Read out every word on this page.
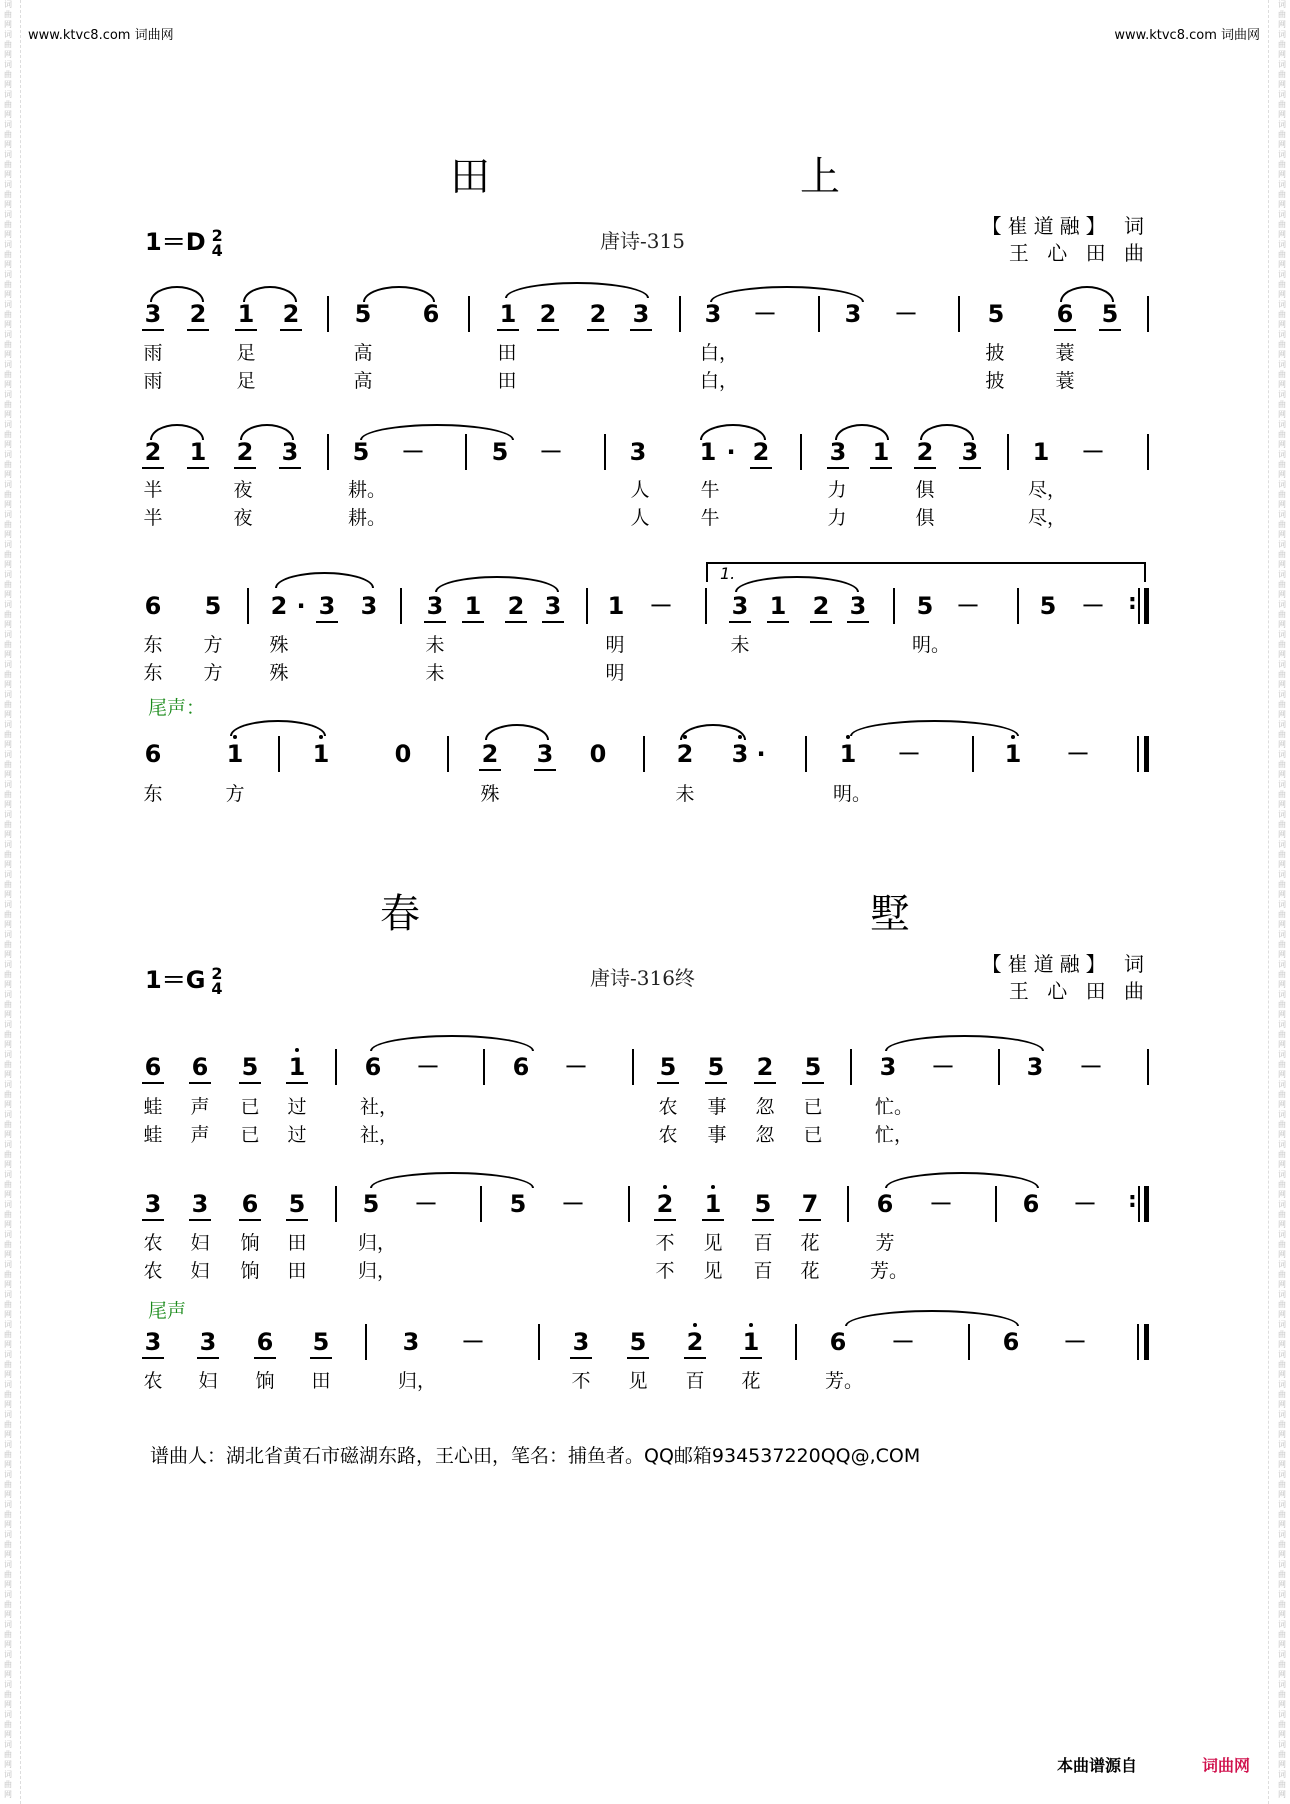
词曲网词曲网词曲网词曲网词曲网词曲网词曲网词曲网词曲网词曲网词曲网词曲网词曲网词曲网词曲网词曲网词曲网词曲网词曲网词曲网词曲网词曲网词曲网词曲网词曲网词曲网词曲网词曲网词曲网词曲网词曲网词曲网词曲网词曲网词曲网词曲网词曲网词曲网词曲网词曲网词曲网词曲网词曲网词曲网词曲网词曲网词曲网词曲网词曲网词曲网词曲网词曲网词曲网词曲网词曲网词曲网词曲网词曲网词曲网词曲网
词曲网词曲网词曲网词曲网词曲网词曲网词曲网词曲网词曲网词曲网词曲网词曲网词曲网词曲网词曲网词曲网词曲网词曲网词曲网词曲网词曲网词曲网词曲网词曲网词曲网词曲网词曲网词曲网词曲网词曲网词曲网词曲网词曲网词曲网词曲网词曲网词曲网词曲网词曲网词曲网词曲网词曲网词曲网词曲网词曲网词曲网词曲网词曲网词曲网词曲网词曲网词曲网词曲网词曲网词曲网词曲网词曲网词曲网词曲网词曲网
www.ktvc8.com 词曲网	www.ktvc8.com 词曲网
田	上
1＝D 2
4	唐诗-315
【崔道融】 词
王 心 田 曲
3 2 1 2 5 6	1 2 2 3 3 －	3 －	5 6 5
雨	足	高	田	白，	披	蓑
雨	足	高	田	白，	披	蓑
2 1 2 3 5 －	5 －	3 1 · 2	3 1 2 3 1 －
半	夜	耕。	人	牛	力	俱	尽，
半	夜	耕。	人	牛	力	俱	尽，
1.
6 5 2 · 3 3 3 1 2 3 1 － 3 1 2 3 5 － 5 －
:
东 方 殊	未	明	未	明。
东 方 殊	未	明
尾声：
6	1	1	0	2 3 0	2 3 ·	1 －	1 －
东	方	殊	未	明。
春	墅
1＝G 2
4	唐诗-316终
【崔道融】 词
王 心 田 曲
6 6 5 1 6 －	6 －	5 5 2 5 3 －	3 －
蛙 声 已 过	社，	农 事 忽 已	忙。
蛙 声 已 过	社，	农 事 忽 已	忙，
3 3 6 5 5 －	5 －	2 1 5 7 6 －	6 －
:
农 妇 饷 田	归，	不 见 百 花	芳
农 妇 饷 田	归，	不 见 百 花	芳。
尾声
3 3 6 5	3 －	3 5 2 1	6 －	6 －
农 妇 饷 田	归，	不 见 百 花	芳。
谱曲人：湖北省黄石市磁湖东路，王心田，笔名：捕鱼者。QQ邮箱934537220QQ@,COM
本曲谱源自	词曲网
